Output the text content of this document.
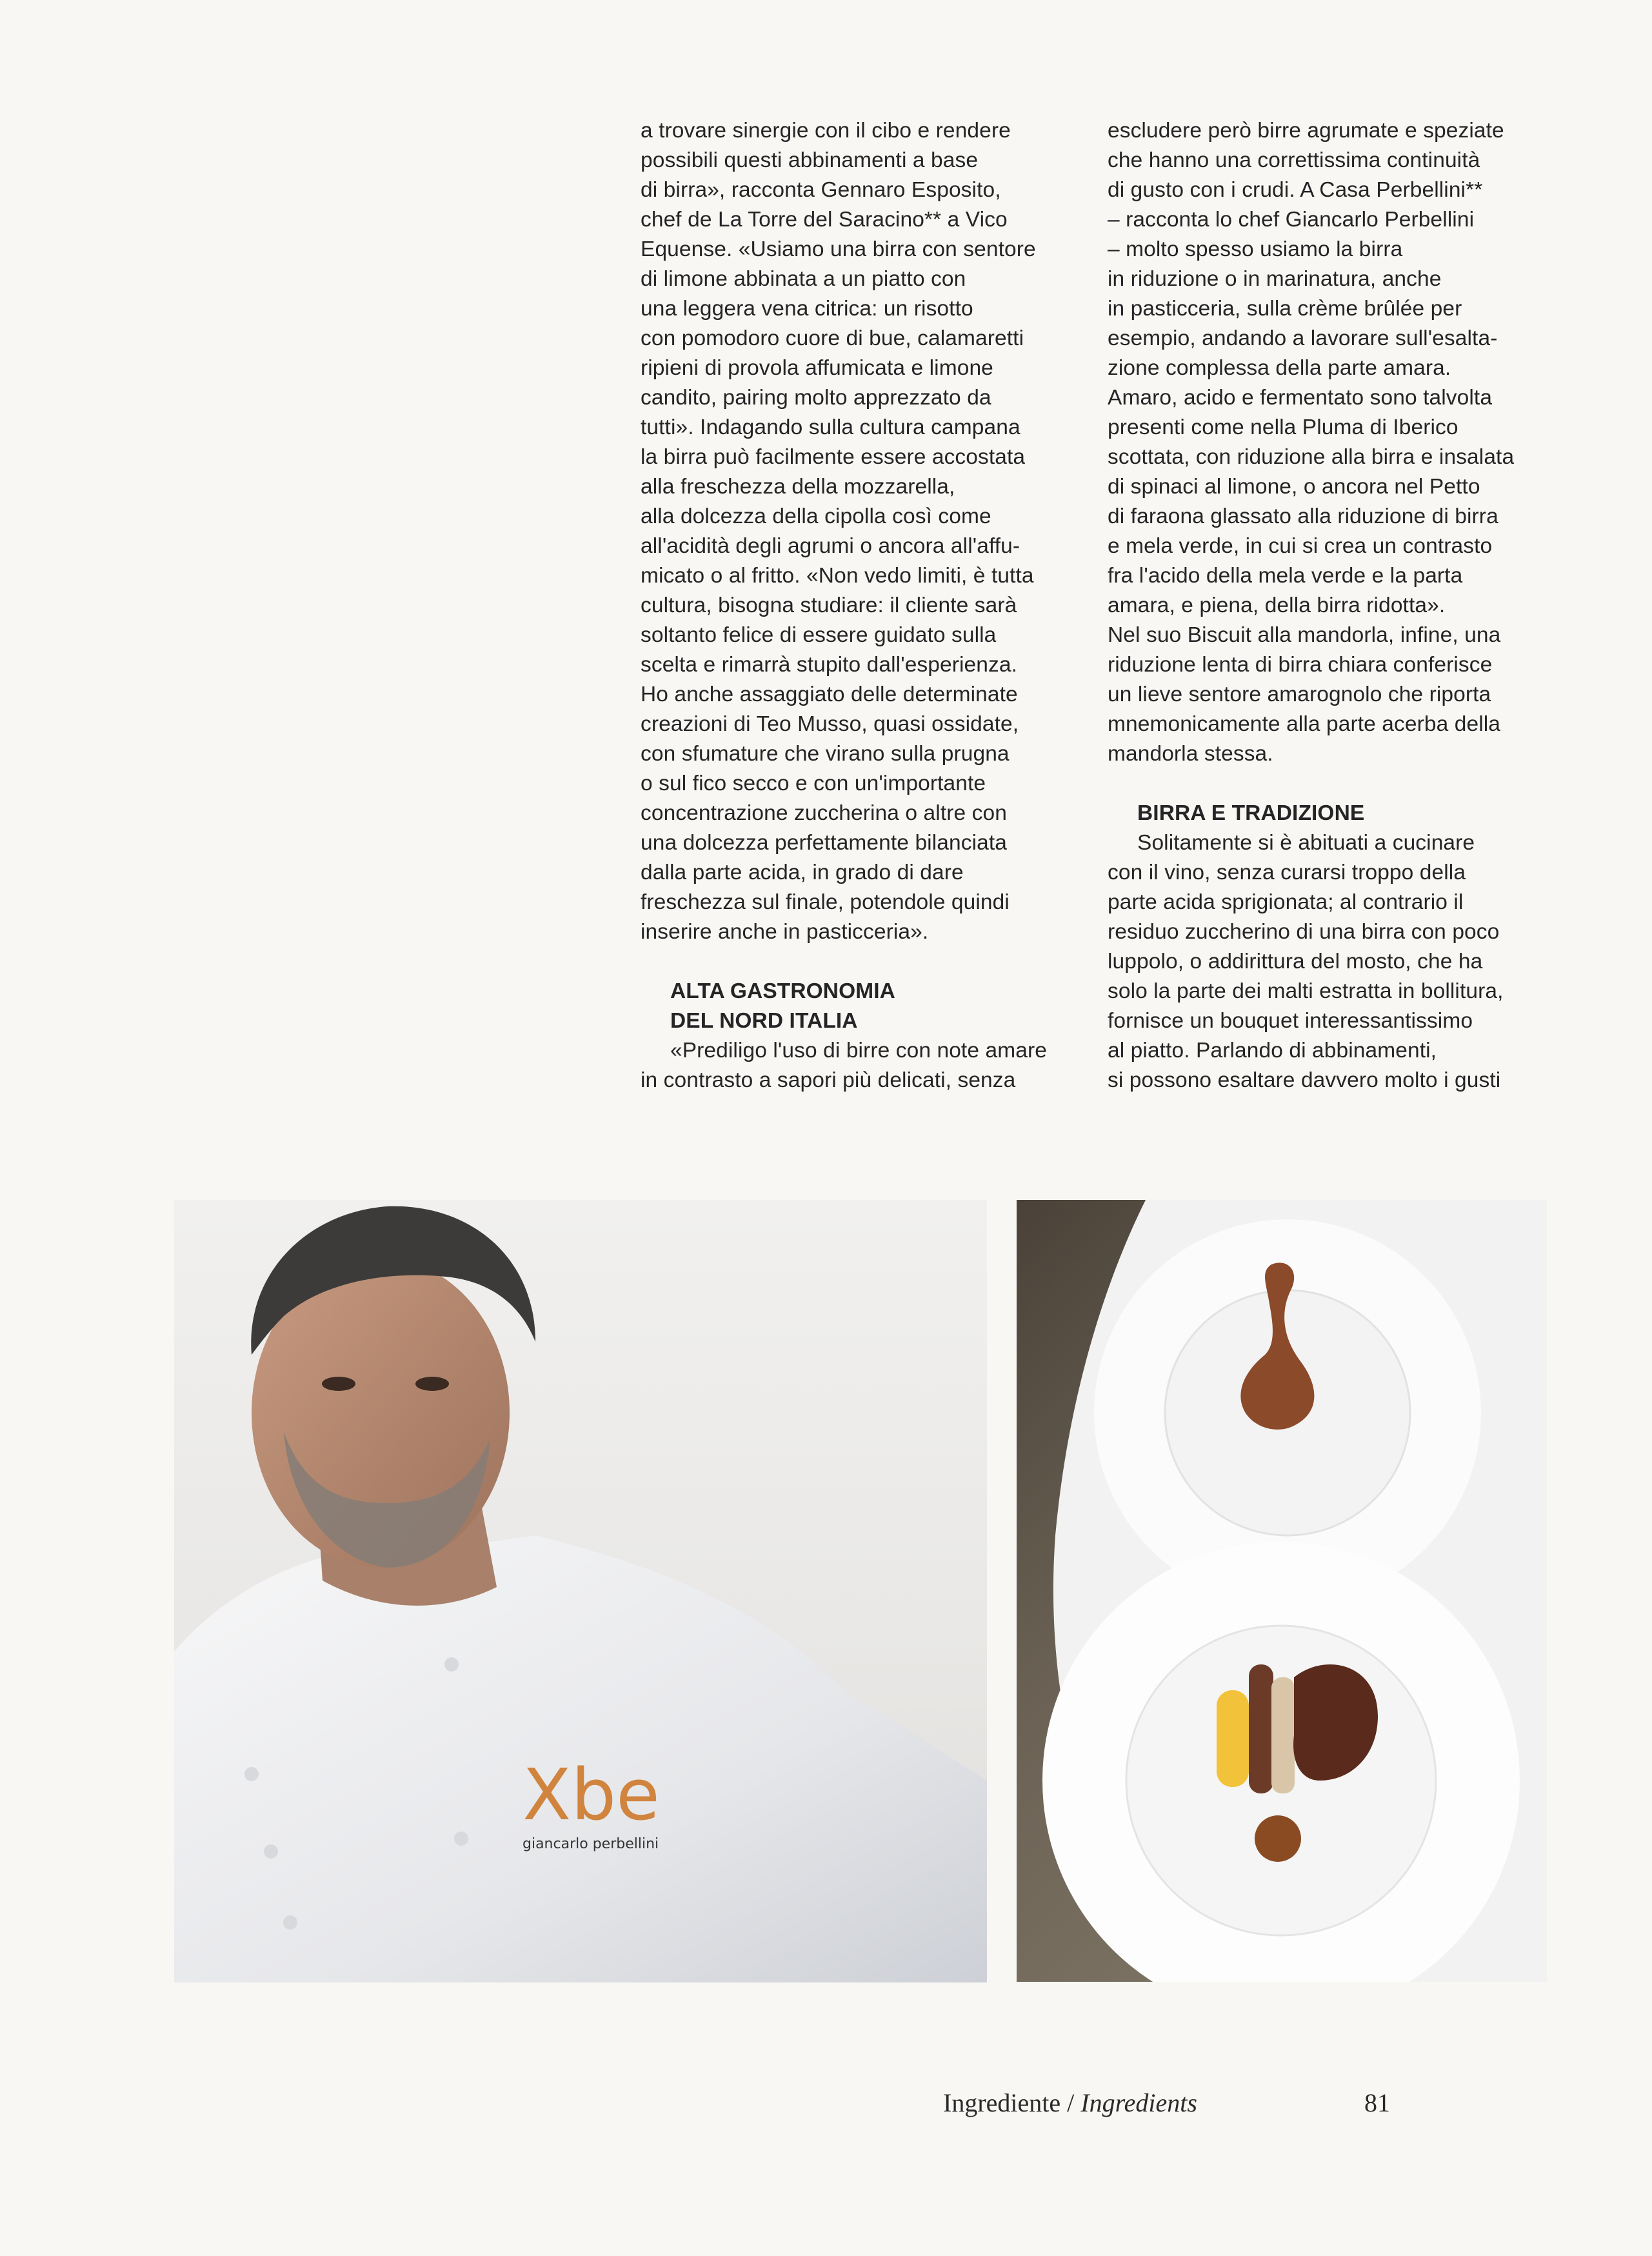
a trovare sinergie con il cibo e rendere
possibili questi abbinamenti a base
di birra», racconta Gennaro Esposito,
chef de La Torre del Saracino** a Vico
Equense. «Usiamo una birra con sentore
di limone abbinata a un piatto con
una leggera vena citrica: un risotto
con pomodoro cuore di bue, calamaretti
ripieni di provola affumicata e limone
candito, pairing molto apprezzato da
tutti». Indagando sulla cultura campana
la birra può facilmente essere accostata
alla freschezza della mozzarella,
alla dolcezza della cipolla così come
all'acidità degli agrumi o ancora all'affu-
micato o al fritto. «Non vedo limiti, è tutta
cultura, bisogna studiare: il cliente sarà
soltanto felice di essere guidato sulla
scelta e rimarrà stupito dall'esperienza.
Ho anche assaggiato delle determinate
creazioni di Teo Musso, quasi ossidate,
con sfumature che virano sulla prugna
o sul fico secco e con un'importante
concentrazione zuccherina o altre con
una dolcezza perfettamente bilanciata
dalla parte acida, in grado di dare
freschezza sul finale, potendole quindi
inserire anche in pasticceria».

ALTA GASTRONOMIA
DEL NORD ITALIA

«Prediligo l'uso di birre con note amare
in contrasto a sapori più delicati, senza

escludere però birre agrumate e speziate
che hanno una correttissima continuità
di gusto con i crudi. A Casa Perbellini**
– racconta lo chef Giancarlo Perbellini
– molto spesso usiamo la birra
in riduzione o in marinatura, anche
in pasticceria, sulla crème brûlée per
esempio, andando a lavorare sull'esalta-
zione complessa della parte amara.
Amaro, acido e fermentato sono talvolta
presenti come nella Pluma di Iberico
scottata, con riduzione alla birra e insalata
di spinaci al limone, o ancora nel Petto
di faraona glassato alla riduzione di birra
e mela verde, in cui si crea un contrasto
fra l'acido della mela verde e la parta
amara, e piena, della birra ridotta».
Nel suo Biscuit alla mandorla, infine, una
riduzione lenta di birra chiara conferisce
un lieve sentore amarognolo che riporta
mnemonicamente alla parte acerba della
mandorla stessa.

BIRRA E TRADIZIONE

Solitamente si è abituati a cucinare
con il vino, senza curarsi troppo della
parte acida sprigionata; al contrario il
residuo zuccherino di una birra con poco
luppolo, o addirittura del mosto, che ha
solo la parte dei malti estratta in bollitura,
fornisce un bouquet interessantissimo
al piatto. Parlando di abbinamenti,
si possono esaltare davvero molto i gusti

Xbe
giancarlo perbellini
Ingrediente / Ingredients	81
